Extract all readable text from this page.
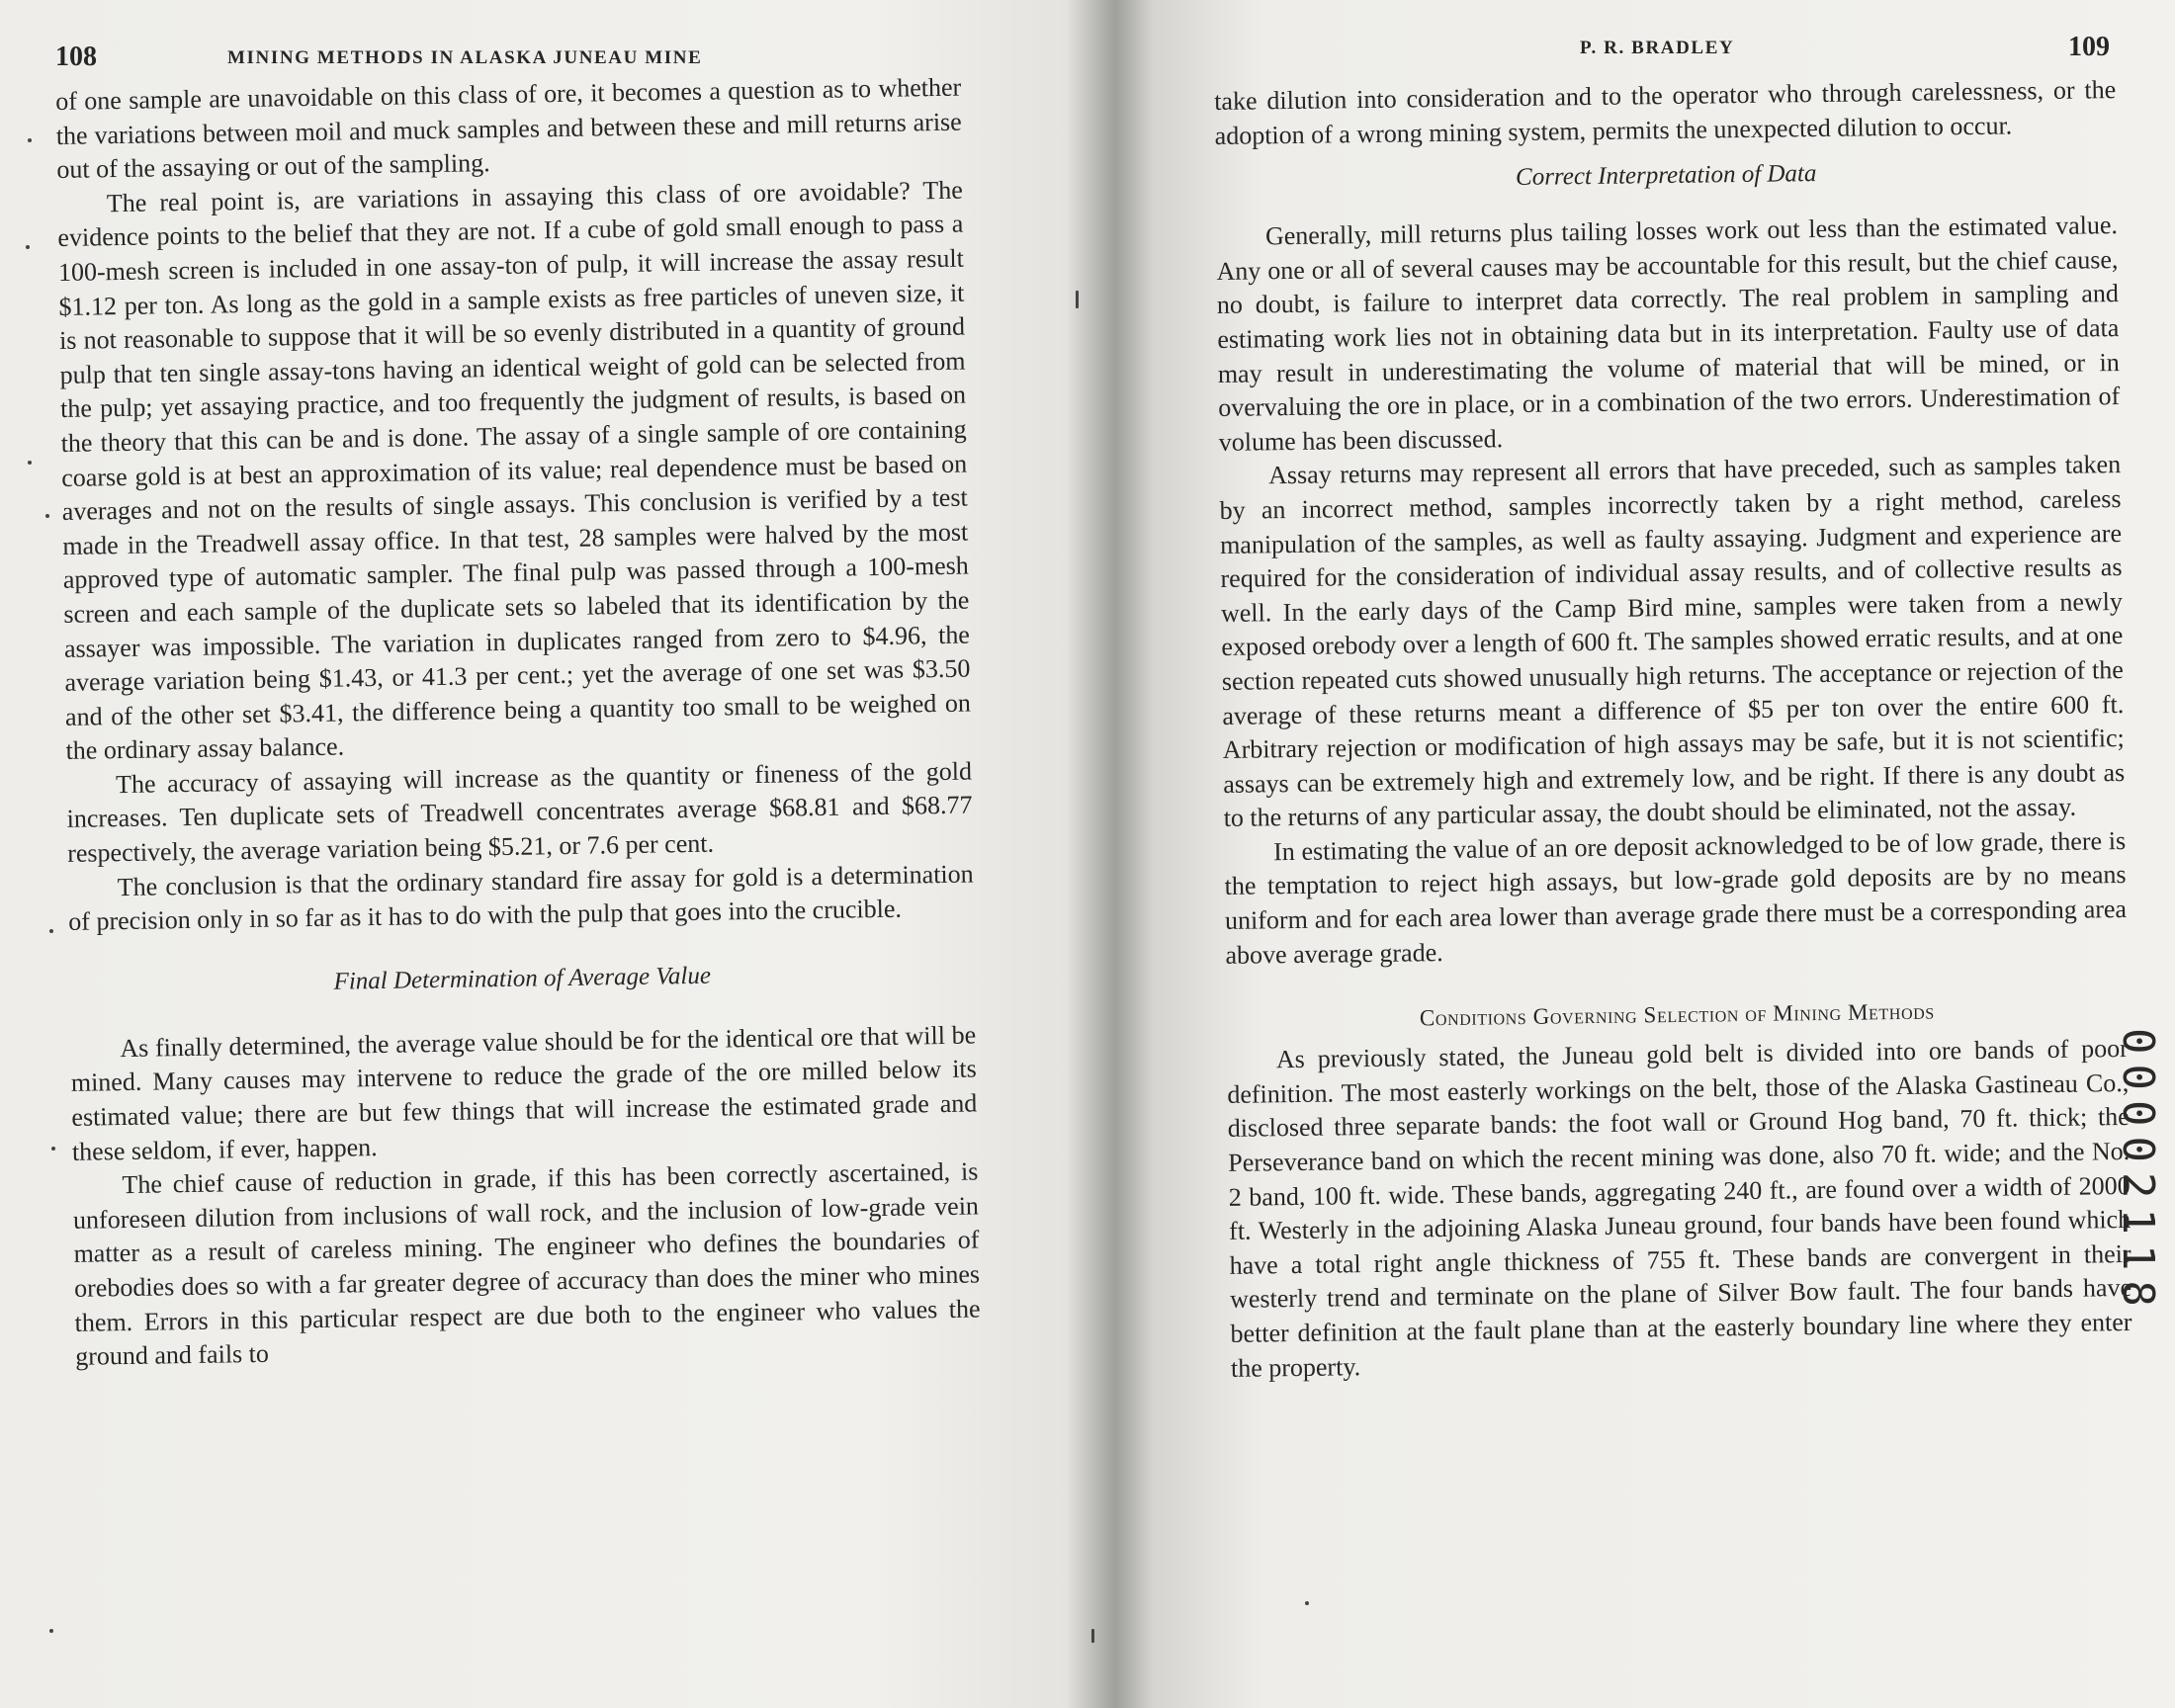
108	MINING METHODS IN ALASKA JUNEAU MINE

of one sample are unavoidable on this class of ore, it becomes a question as to whether the variations between moil and muck samples and between these and mill returns arise out of the assaying or out of the sampling.

The real point is, are variations in assaying this class of ore avoidable? The evidence points to the belief that they are not. If a cube of gold small enough to pass a 100-mesh screen is included in one assay-ton of pulp, it will increase the assay result $1.12 per ton. As long as the gold in a sample exists as free particles of uneven size, it is not reasonable to suppose that it will be so evenly distributed in a quantity of ground pulp that ten single assay-tons having an identical weight of gold can be selected from the pulp; yet assaying practice, and too frequently the judgment of results, is based on the theory that this can be and is done. The assay of a single sample of ore containing coarse gold is at best an approximation of its value; real dependence must be based on averages and not on the results of single assays. This conclusion is verified by a test made in the Treadwell assay office. In that test, 28 samples were halved by the most approved type of automatic sampler. The final pulp was passed through a 100-mesh screen and each sample of the duplicate sets so labeled that its identification by the assayer was impossible. The variation in duplicates ranged from zero to $4.96, the average variation being $1.43, or 41.3 per cent.; yet the average of one set was $3.50 and of the other set $3.41, the difference being a quantity too small to be weighed on the ordinary assay balance.

The accuracy of assaying will increase as the quantity or fineness of the gold increases. Ten duplicate sets of Treadwell concentrates average $68.81 and $68.77 respectively, the average variation being $5.21, or 7.6 per cent.

The conclusion is that the ordinary standard fire assay for gold is a determination of precision only in so far as it has to do with the pulp that goes into the crucible.

Final Determination of Average Value

As finally determined, the average value should be for the identical ore that will be mined. Many causes may intervene to reduce the grade of the ore milled below its estimated value; there are but few things that will increase the estimated grade and these seldom, if ever, happen.

The chief cause of reduction in grade, if this has been correctly ascertained, is unforeseen dilution from inclusions of wall rock, and the inclusion of low-grade vein matter as a result of careless mining. The engineer who defines the boundaries of orebodies does so with a far greater degree of accuracy than does the miner who mines them. Errors in this particular respect are due both to the engineer who values the ground and fails to

P. R. BRADLEY	109

take dilution into consideration and to the operator who through carelessness, or the adoption of a wrong mining system, permits the unexpected dilution to occur.

Correct Interpretation of Data

Generally, mill returns plus tailing losses work out less than the estimated value. Any one or all of several causes may be accountable for this result, but the chief cause, no doubt, is failure to interpret data correctly. The real problem in sampling and estimating work lies not in obtaining data but in its interpretation. Faulty use of data may result in underestimating the volume of material that will be mined, or in overvaluing the ore in place, or in a combination of the two errors. Underestimation of volume has been discussed.

Assay returns may represent all errors that have preceded, such as samples taken by an incorrect method, samples incorrectly taken by a right method, careless manipulation of the samples, as well as faulty assaying. Judgment and experience are required for the consideration of individual assay results, and of collective results as well. In the early days of the Camp Bird mine, samples were taken from a newly exposed orebody over a length of 600 ft. The samples showed erratic results, and at one section repeated cuts showed unusually high returns. The acceptance or rejection of the average of these returns meant a difference of $5 per ton over the entire 600 ft. Arbitrary rejection or modification of high assays may be safe, but it is not scientific; assays can be extremely high and extremely low, and be right. If there is any doubt as to the returns of any particular assay, the doubt should be eliminated, not the assay.

In estimating the value of an ore deposit acknowledged to be of low grade, there is the temptation to reject high assays, but low-grade gold deposits are by no means uniform and for each area lower than average grade there must be a corresponding area above average grade.

Conditions Governing Selection of Mining Methods

As previously stated, the Juneau gold belt is divided into ore bands of poor definition. The most easterly workings on the belt, those of the Alaska Gastineau Co., disclosed three separate bands: the foot wall or Ground Hog band, 70 ft. thick; the Perseverance band on which the recent mining was done, also 70 ft. wide; and the No. 2 band, 100 ft. wide. These bands, aggregating 240 ft., are found over a width of 2000 ft. Westerly in the adjoining Alaska Juneau ground, four bands have been found which have a total right angle thickness of 755 ft. These bands are convergent in their westerly trend and terminate on the plane of Silver Bow fault. The four bands have better definition at the fault plane than at the easterly boundary line where they enter the property.

00002118
